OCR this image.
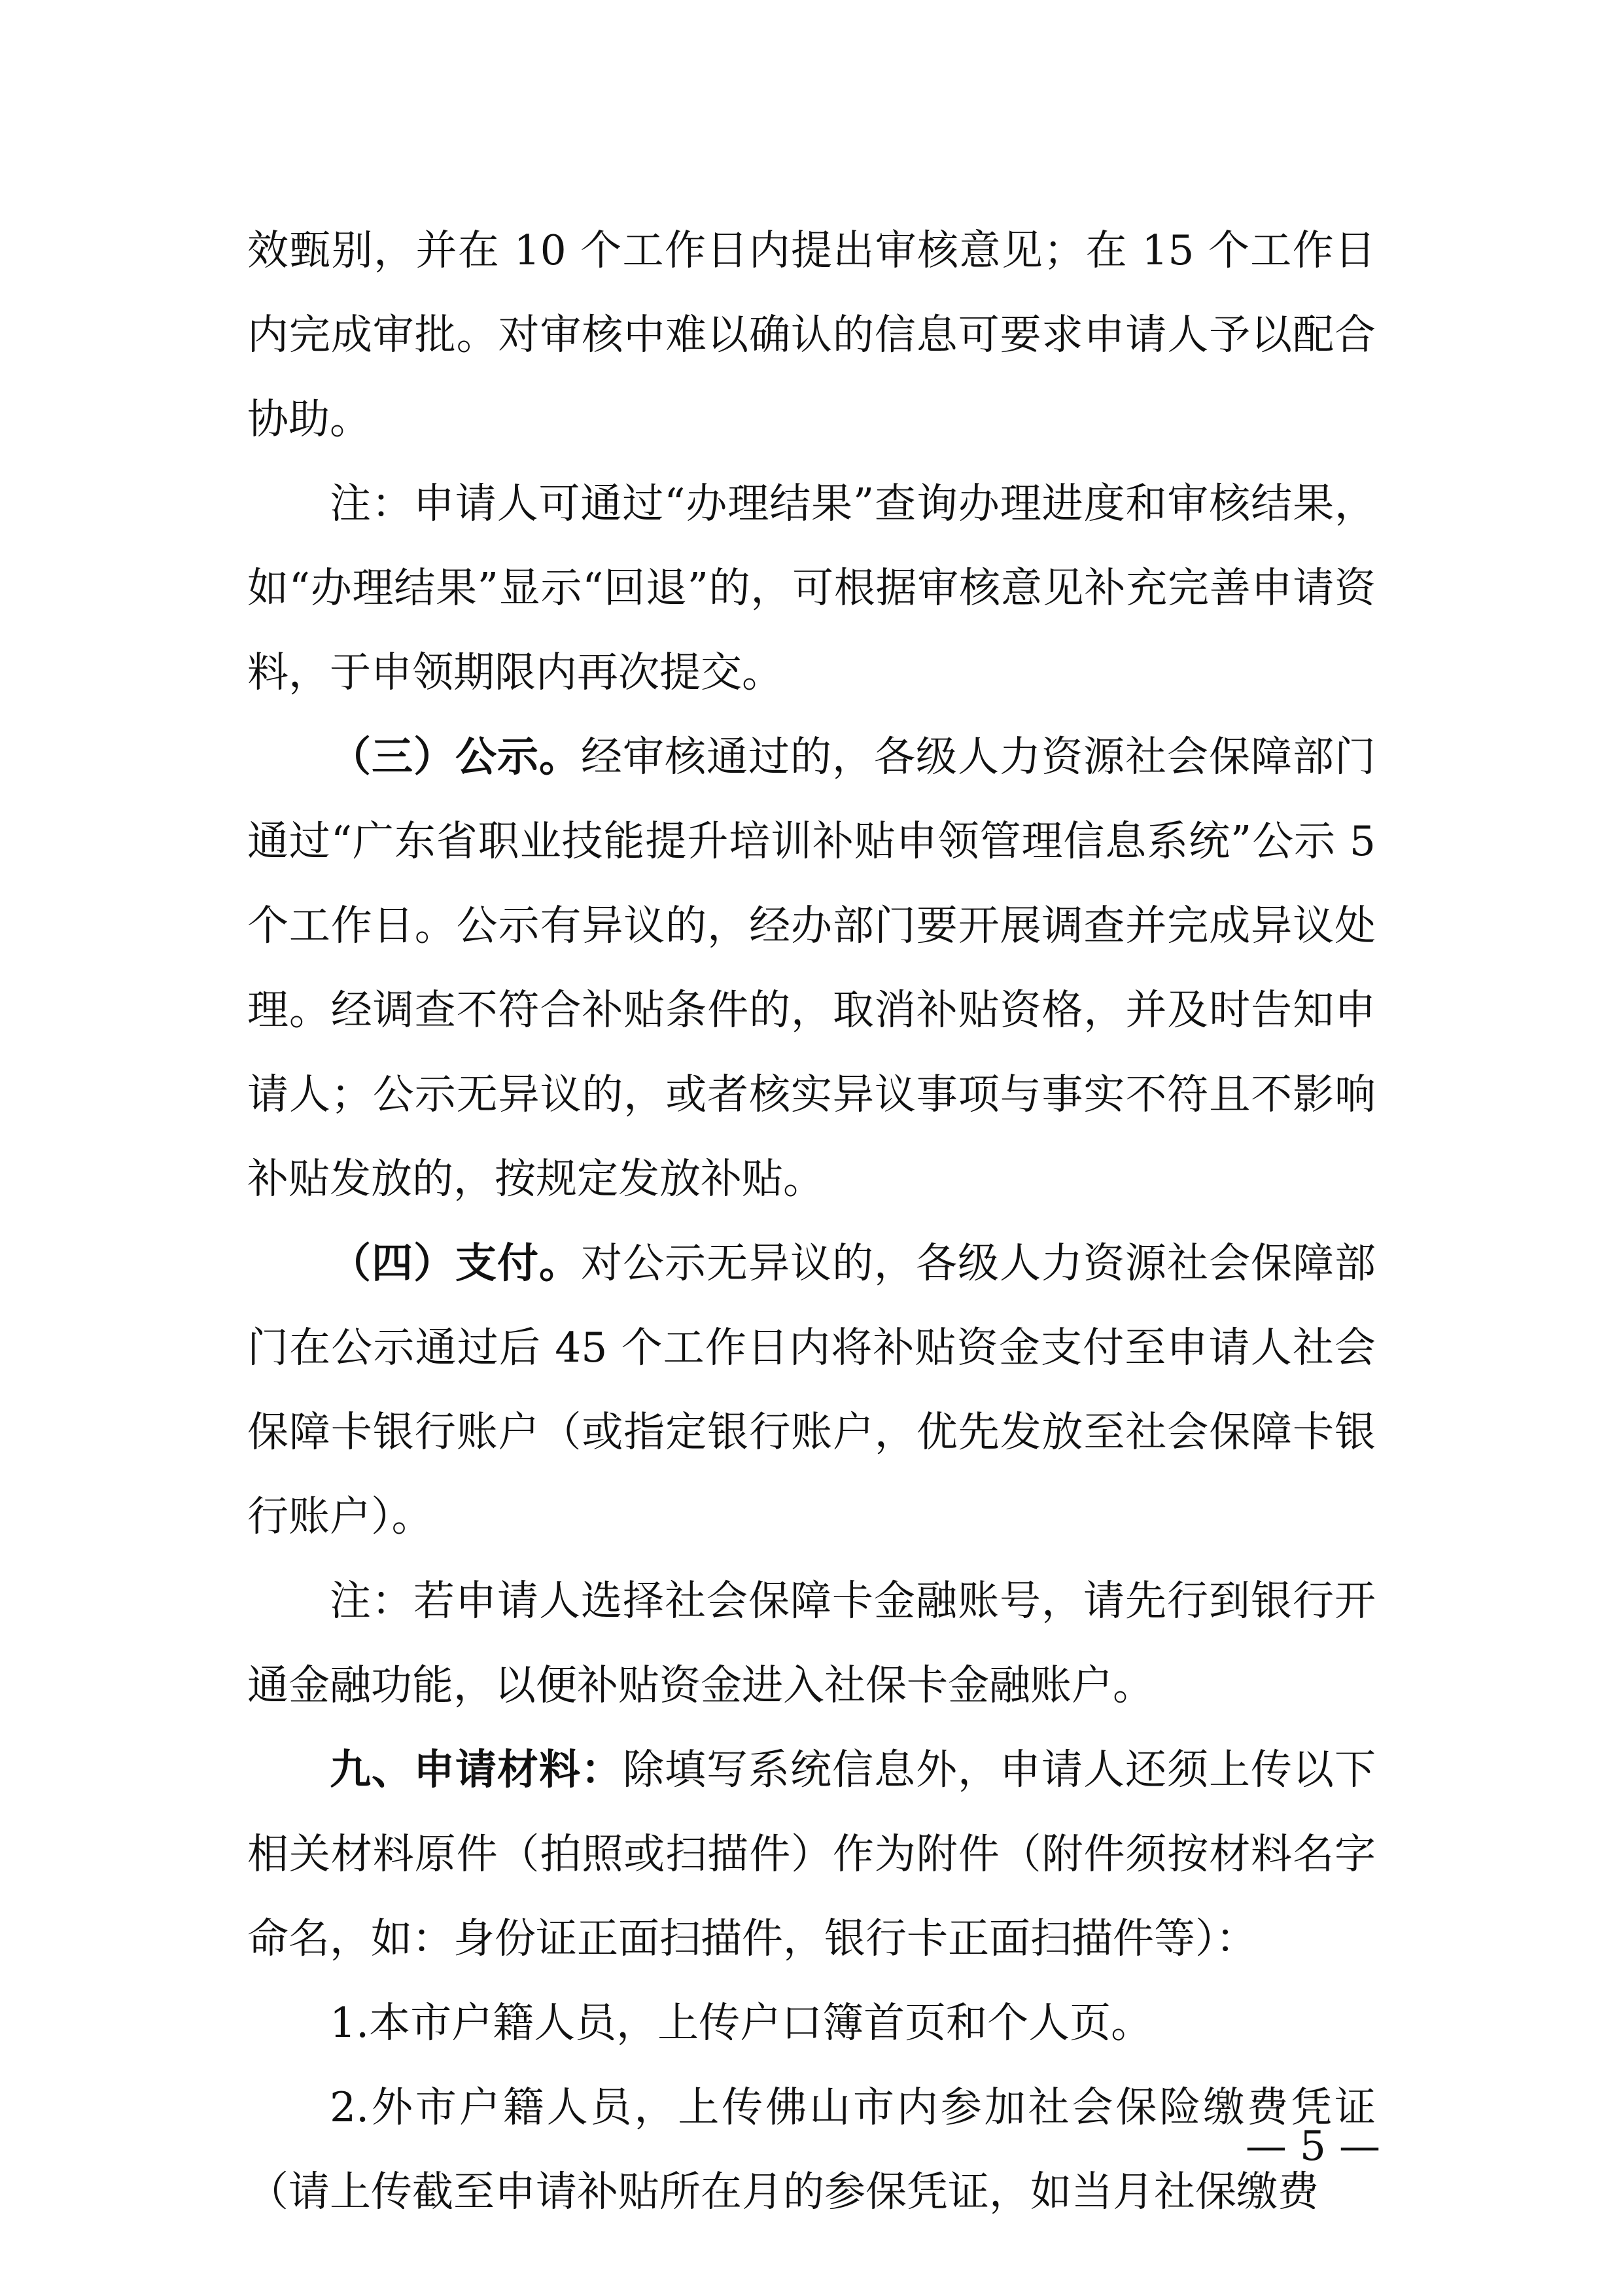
效甄别，并在 10 个工作日内提出审核意见；在 15 个工作日内完成审批。对审核中难以确认的信息可要求申请人予以配合协助。

注：申请人可通过“办理结果”查询办理进度和审核结果，如“办理结果”显示“回退”的，可根据审核意见补充完善申请资料，于申领期限内再次提交。

（三）公示。经审核通过的，各级人力资源社会保障部门通过“广东省职业技能提升培训补贴申领管理信息系统”公示 5 个工作日。公示有异议的，经办部门要开展调查并完成异议处理。经调查不符合补贴条件的，取消补贴资格，并及时告知申请人；公示无异议的，或者核实异议事项与事实不符且不影响补贴发放的，按规定发放补贴。

（四）支付。对公示无异议的，各级人力资源社会保障部门在公示通过后 45 个工作日内将补贴资金支付至申请人社会保障卡银行账户（或指定银行账户，优先发放至社会保障卡银行账户）。

注：若申请人选择社会保障卡金融账号，请先行到银行开通金融功能，以便补贴资金进入社保卡金融账户。

九、申请材料：除填写系统信息外，申请人还须上传以下相关材料原件（拍照或扫描件）作为附件（附件须按材料名字命名，如：身份证正面扫描件，银行卡正面扫描件等）：

1.本市户籍人员，上传户口簿首页和个人页。

2.外市户籍人员，上传佛山市内参加社会保险缴费凭证（请上传截至申请补贴所在月的参保凭证，如当月社保缴费

— 5 —
